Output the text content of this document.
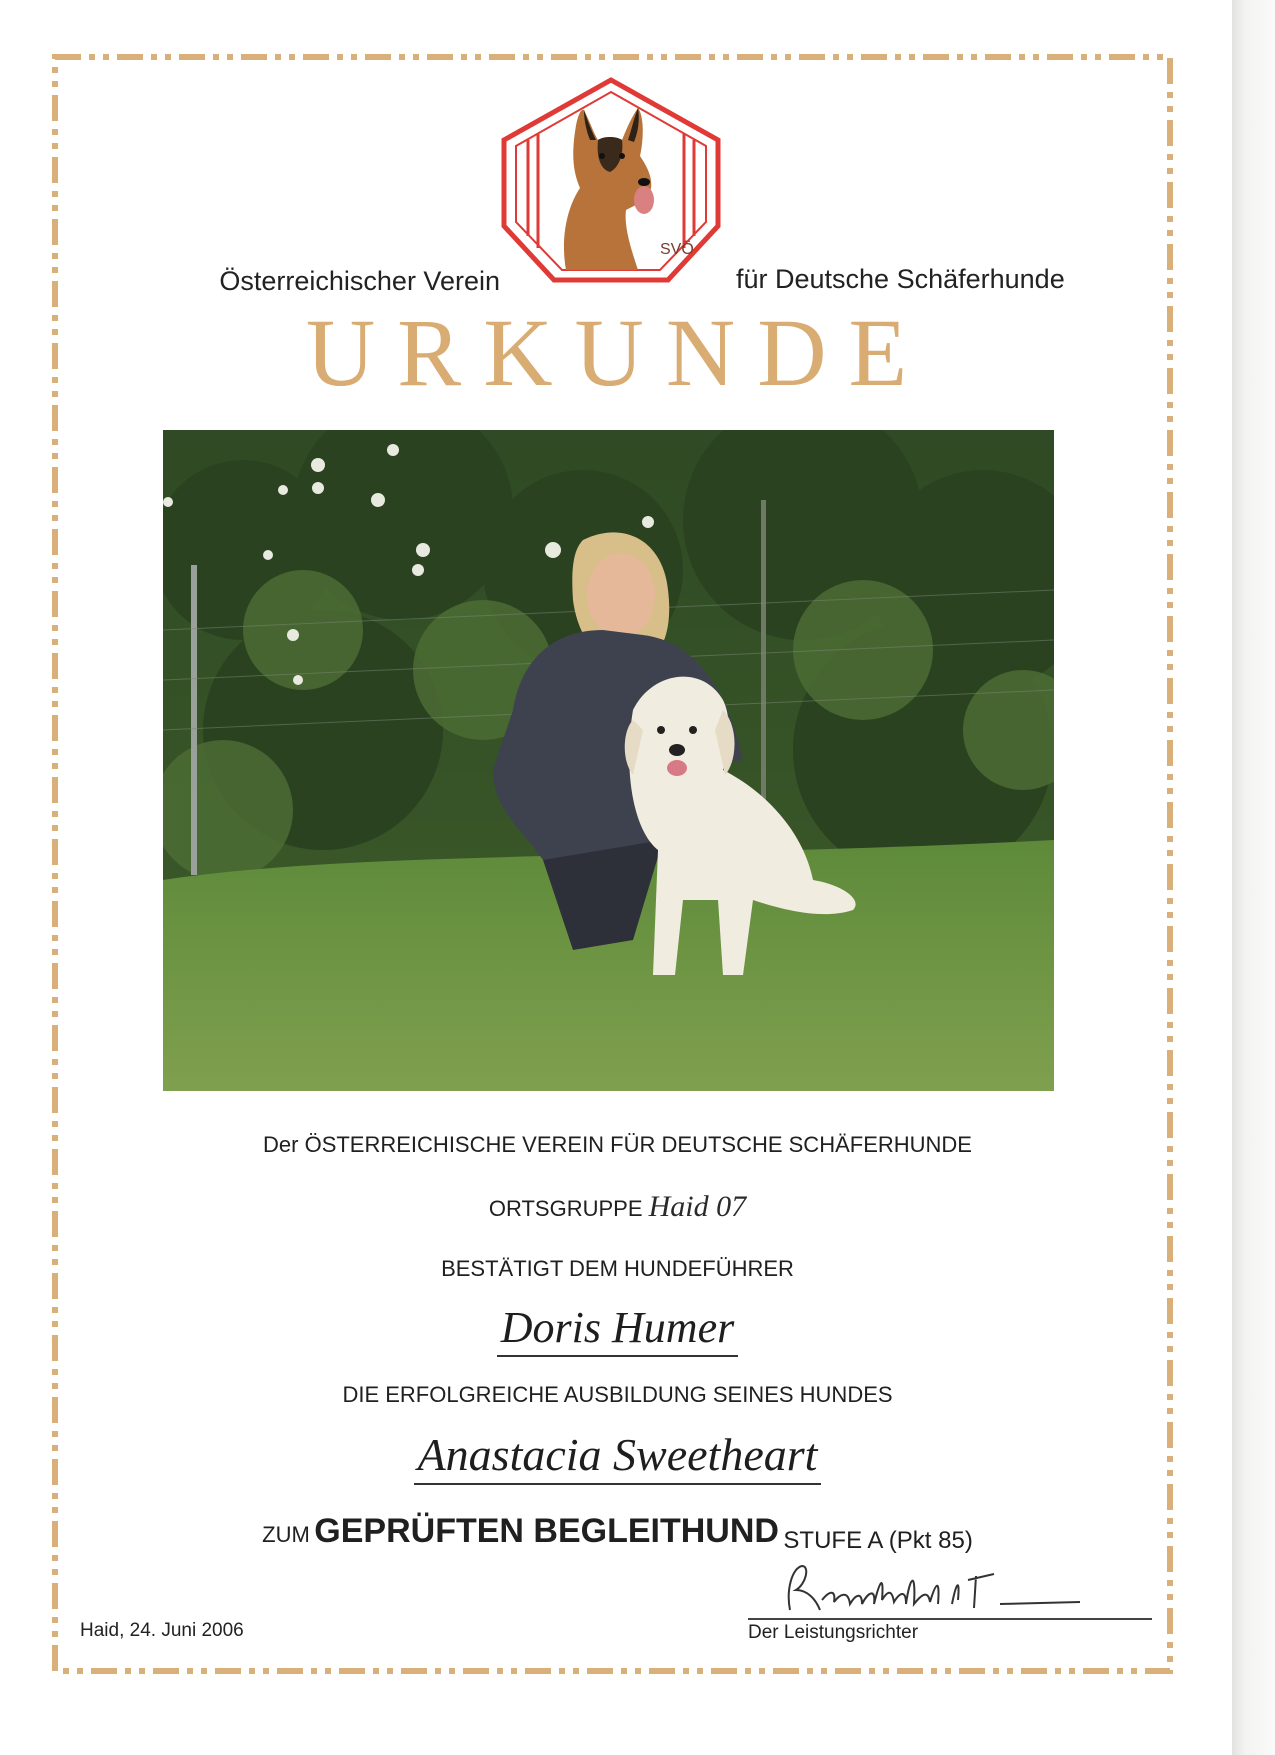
SVÖ

Österreichischer Verein	für Deutsche Schäferhunde

URKUNDE

Der ÖSTERREICHISCHE VEREIN FÜR DEUTSCHE SCHÄFERHUNDE

ORTSGRUPPE Haid 07

BESTÄTIGT DEM HUNDEFÜHRER

Doris Humer

DIE ERFOLGREICHE AUSBILDUNG SEINES HUNDES

Anastacia Sweetheart

ZUM GEPRÜFTEN BEGLEITHUND STUFE A (Pkt 85)

Haid, 24. Juni 2006	Der Leistungsrichter
